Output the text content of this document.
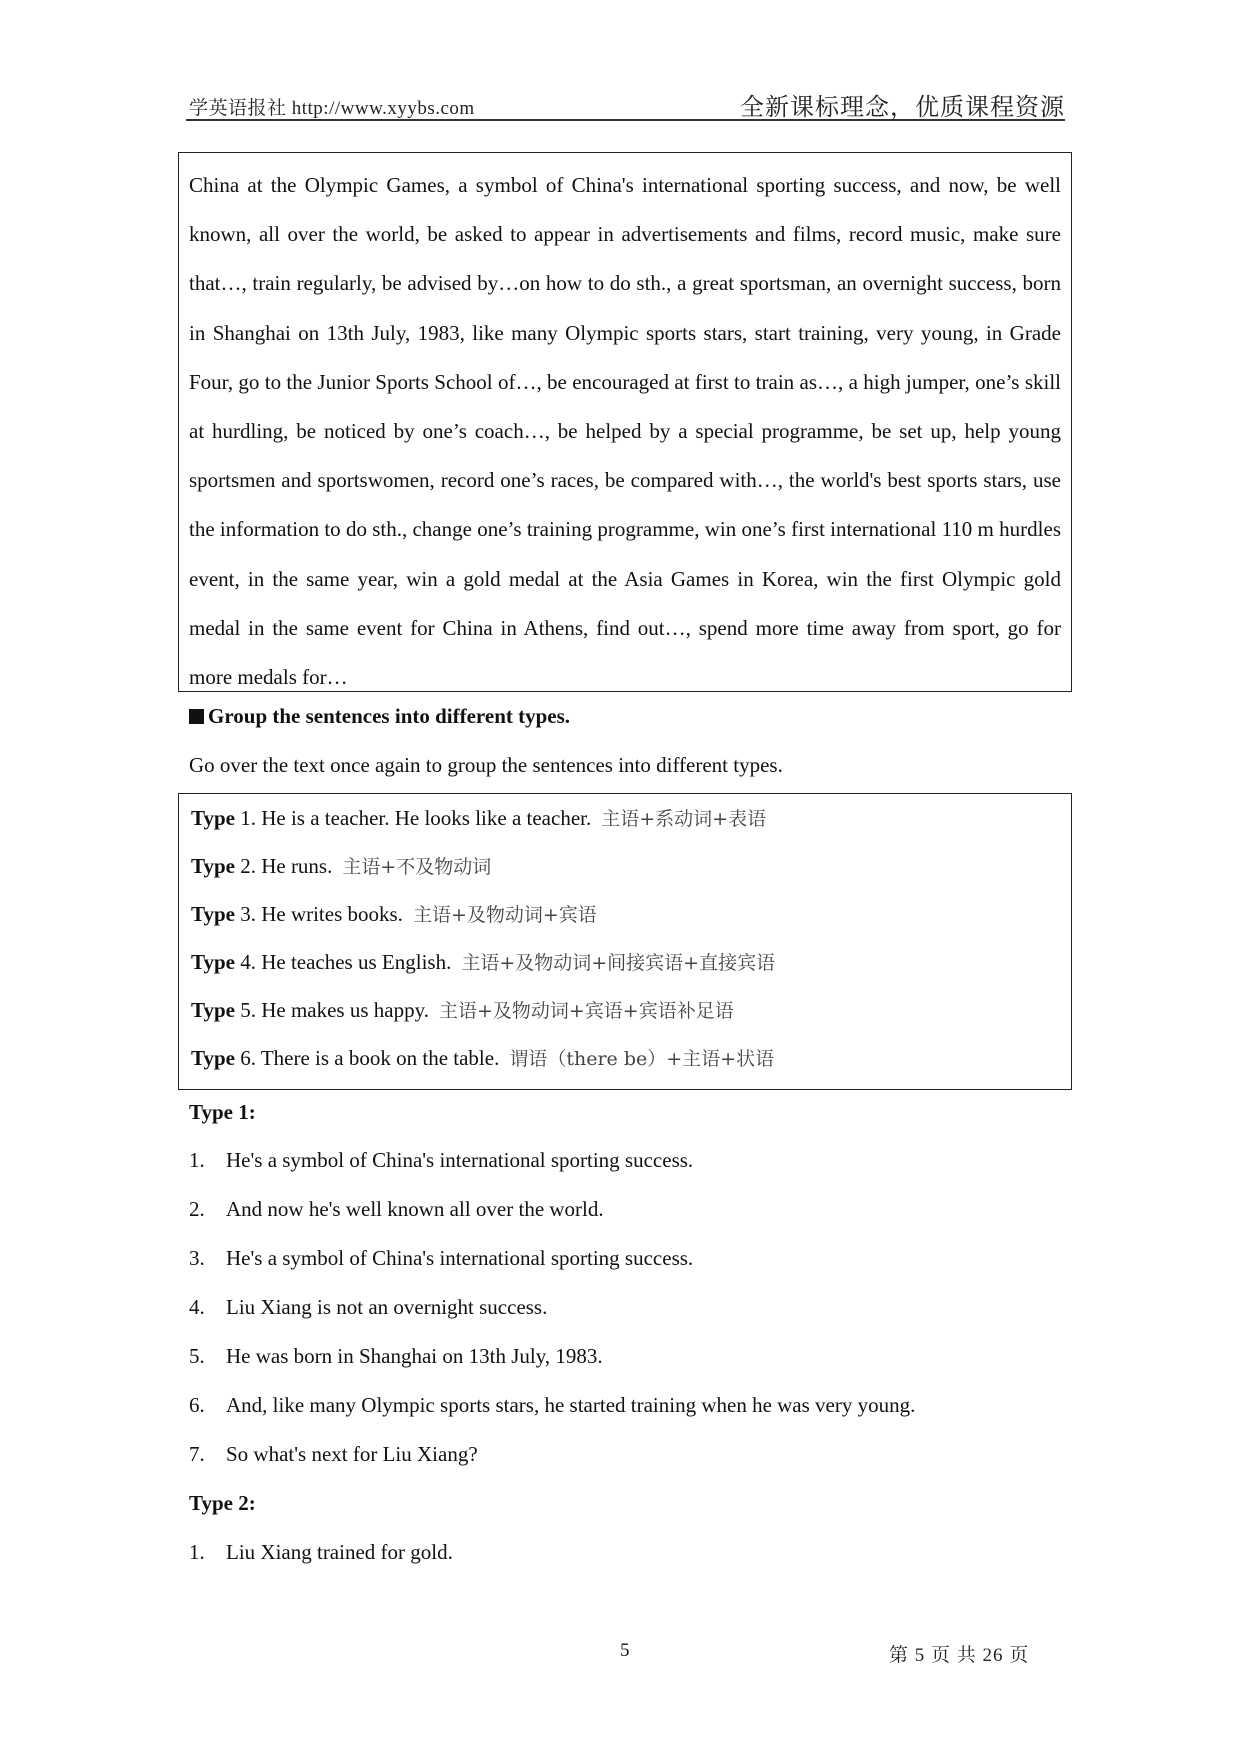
学英语报社 http://www.xyybs.com	全新课标理念，优质课程资源
China at the Olympic Games, a symbol of China's international sporting success, and now, be well known, all over the world, be asked to appear in advertisements and films, record music, make sure that…, train regularly, be advised by…on how to do sth., a great sportsman, an overnight success, born in Shanghai on 13th July, 1983, like many Olympic sports stars, start training, very young, in Grade Four, go to the Junior Sports School of…, be encouraged at first to train as…, a high jumper, one’s skill at hurdling, be noticed by one’s coach…, be helped by a special programme, be set up, help young sportsmen and sportswomen, record one’s races, be compared with…, the world's best sports stars, use the information to do sth., change one’s training programme, win one’s first international 110 m hurdles event, in the same year, win a gold medal at the Asia Games in Korea, win the first Olympic gold medal in the same event for China in Athens, find out…, spend more time away from sport, go for more medals for…
Group the sentences into different types.
Go over the text once again to group the sentences into different types.
Type 1. He is a teacher. He looks like a teacher. 主语+系动词+表语
Type 2. He runs. 主语+不及物动词
Type 3. He writes books. 主语+及物动词+宾语
Type 4. He teaches us English. 主语+及物动词+间接宾语+直接宾语
Type 5. He makes us happy. 主语+及物动词+宾语+宾语补足语
Type 6. There is a book on the table. 谓语（there be）+主语+状语
Type 1:
1. He's a symbol of China's international sporting success.
2. And now he's well known all over the world.
3. He's a symbol of China's international sporting success.
4. Liu Xiang is not an overnight success.
5. He was born in Shanghai on 13th July, 1983.
6. And, like many Olympic sports stars, he started training when he was very young.
7. So what's next for Liu Xiang?
Type 2:
1. Liu Xiang trained for gold.
5	第 5 页 共 26 页
